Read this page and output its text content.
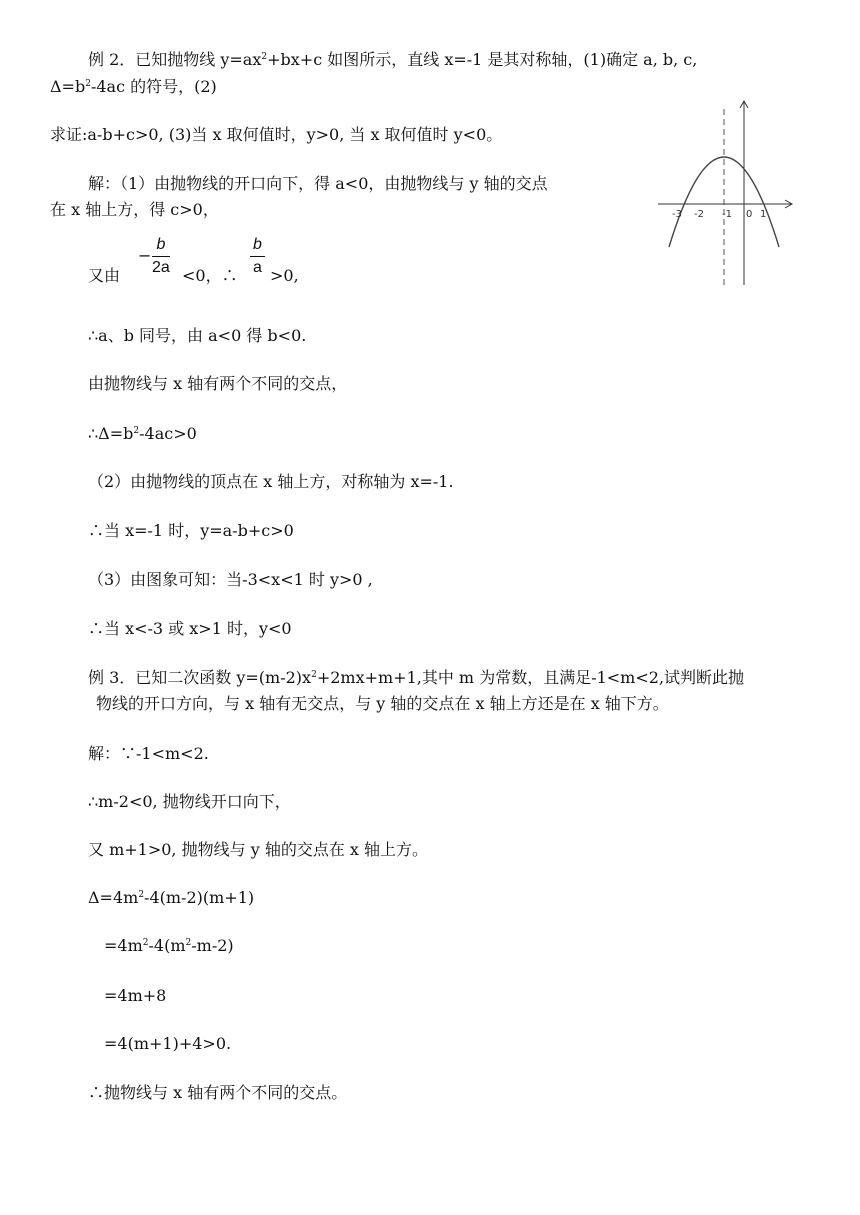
例 2．已知抛物线 $y=ax^2+bx+c$ 如图所示，直线 x=-1 是其对称轴，(1)确定 a, b, c,
$\Delta=b^2-4ac$ 的符号，(2)
求证:a-b+c>0, (3)当 x 取何值时，y>0, 当 x 取何值时 y<0。
-3 -2 -1 0 1
解：（1）由抛物线的开口向下，得 a<0，由抛物线与 y 轴的交点
在 x 轴上方，得 c>0，
又由
− $\frac{b}{2a} <0$，∴ $\frac{b}{a} >0$,
∴a、b 同号，由 a<0 得 b<0.
由抛物线与 x 轴有两个不同的交点，
$\therefore\Delta=b^2-4ac>0$
（2）由抛物线的顶点在 x 轴上方，对称轴为 x=-1.
∴当 x=-1 时，y=a-b+c>0
（3）由图象可知：当-3<x<1 时 y>0 ,
∴当 x<-3 或 x>1 时，y<0
例 3．已知二次函数 $y=(m-2)x^2+2mx+m+1$,其中 m 为常数，且满足-1<m<2,试判断此抛
物线的开口方向，与 x 轴有无交点，与 y 轴的交点在 x 轴上方还是在 x 轴下方。
解：∵-1<m<2.
∴m-2<0, 抛物线开口向下，
又 m+1>0, 抛物线与 y 轴的交点在 x 轴上方。
$\Delta=4m^2-4(m-2)(m+1)$
$=4m^2-4(m^2-m-2)$
=4m+8
=4(m+1)+4>0.
∴抛物线与 x 轴有两个不同的交点。
